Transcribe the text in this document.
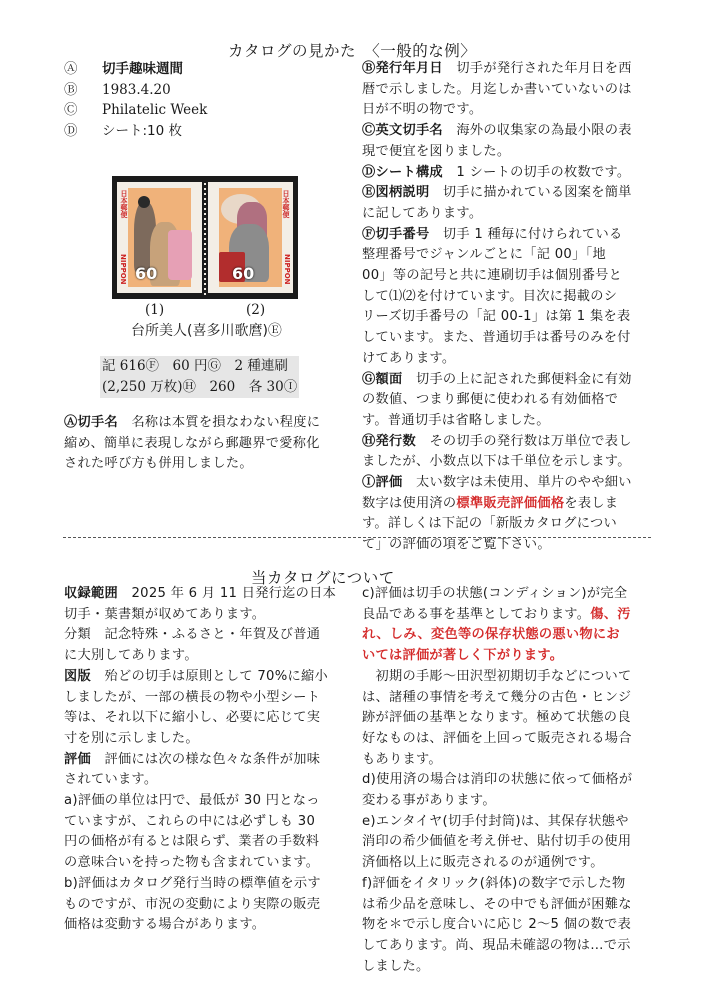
カタログの見かた　〈一般的な例〉
Ⓐ	切手趣味週間
Ⓑ	1983.4.20
Ⓒ	Philatelic Week
Ⓓ	シート:10 枚
日本郵便
NIPPON 60
日本郵便
NIPPON
60
(1)	(2)
台所美人(喜多川歌麿)Ⓔ
記 616Ⓕ　60 円Ⓖ　2 種連刷
(2,250 万枚)Ⓗ　260　各 30Ⓘ
Ⓐ切手名　名称は本質を損なわない程度に
縮め、簡単に表現しながら郵趣界で愛称化
された呼び方も併用しました。
Ⓑ発行年月日　切手が発行された年月日を西
暦で示しました。月迄しか書いていないのは
日が不明の物です。
Ⓒ英文切手名　海外の収集家の為最小限の表
現で便宜を図りました。
Ⓓシート構成　1 シートの切手の枚数です。
Ⓔ図柄説明　切手に描かれている図案を簡単
に記してあります。
Ⓕ切手番号　切手 1 種毎に付けられている
整理番号でジャンルごとに「記 00」「地
00」等の記号と共に連刷切手は個別番号と
して⑴⑵を付けています。目次に掲載のシ
リーズ切手番号の「記 00-1」は第 1 集を表
しています。また、普通切手は番号のみを付
けてあります。
Ⓖ額面　切手の上に記された郵便料金に有効
の数値、つまり郵便に使われる有効価格で
す。普通切手は省略しました。
Ⓗ発行数　その切手の発行数は万単位で表し
ましたが、小数点以下は千単位を示します。
Ⓘ評価　太い数字は未使用、単片のやや細い
数字は使用済の標準販売評価価格を表しま
す。詳しくは下記の「新版カタログについ
て」の評価の項をご覧下さい。
当カタログについて
収録範囲　2025 年 6 月 11 日発行迄の日本
切手・葉書類が収めてあります。
分類　記念特殊・ふるさと・年賀及び普通
に大別してあります。
図版　殆どの切手は原則として 70%に縮小
しましたが、一部の横長の物や小型シート
等は、それ以下に縮小し、必要に応じて実
寸を別に示しました。
評価　評価には次の様な色々な条件が加味
されています。
a)評価の単位は円で、最低が 30 円となっ
ていますが、これらの中には必ずしも 30
円の価格が有るとは限らず、業者の手数料
の意味合いを持った物も含まれています。
b)評価はカタログ発行当時の標準値を示す
ものですが、市況の変動により実際の販売
価格は変動する場合があります。
c)評価は切手の状態(コンディション)が完全
良品である事を基準としております。傷、汚
れ、しみ、変色等の保存状態の悪い物にお
いては評価が著しく下がります。
　初期の手彫～田沢型初期切手などについて
は、諸種の事情を考えて幾分の古色・ヒンジ
跡が評価の基準となります。極めて状態の良
好なものは、評価を上回って販売される場合
もあります。
d)使用済の場合は消印の状態に依って価格が
変わる事があります。
e)エンタイヤ(切手付封筒)は、其保存状態や
消印の希少価値を考え併せ、貼付切手の使用
済価格以上に販売されるのが通例です。
f)評価をイタリック(斜体)の数字で示した物
は希少品を意味し、その中でも評価が困難な
物を＊で示し度合いに応じ 2～5 個の数で表
してあります。尚、現品未確認の物は…で示
しました。
